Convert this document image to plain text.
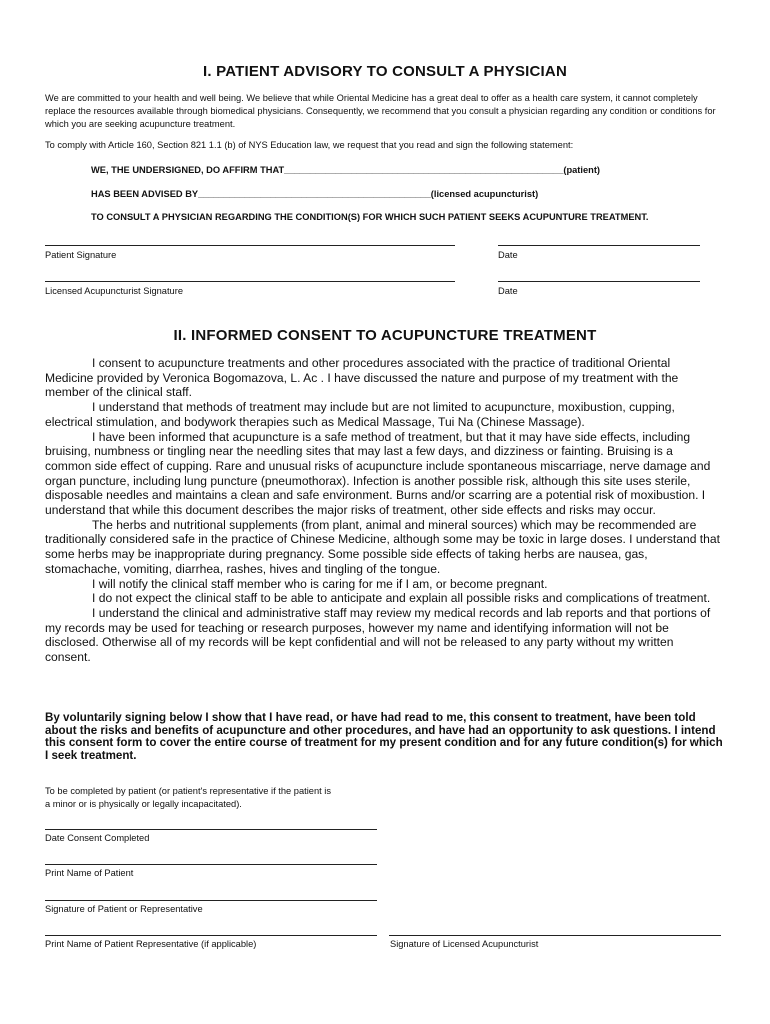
I. PATIENT ADVISORY TO CONSULT A PHYSICIAN
We are committed to your health and well being. We believe that while Oriental Medicine has a great deal to offer as a health care system, it cannot completely replace the resources available through biomedical physicians. Consequently, we recommend that you consult a physician regarding any condition or conditions for which you are seeking acupuncture treatment.
To comply with Article 160, Section 821 1.1 (b) of NYS Education law, we request that you read and sign the following statement:
WE, THE UNDERSIGNED, DO AFFIRM THAT______________________________________________________(patient)
HAS BEEN ADVISED BY_____________________________________________(licensed acupuncturist)
TO CONSULT A PHYSICIAN REGARDING THE CONDITION(S) FOR WHICH SUCH PATIENT SEEKS ACUPUNTURE TREATMENT.
Patient Signature	Date
Licensed Acupuncturist Signature	Date
II. INFORMED CONSENT TO ACUPUNCTURE TREATMENT

I consent to acupuncture treatments and other procedures associated with the practice of traditional Oriental Medicine provided by Veronica Bogomazova, L. Ac . I have discussed the nature and purpose of my treatment with the member of the clinical staff.

I understand that methods of treatment may include but are not limited to acupuncture, moxibustion, cupping, electrical stimulation, and bodywork therapies such as Medical Massage, Tui Na (Chinese Massage).

I have been informed that acupuncture is a safe method of treatment, but that it may have side effects, including bruising, numbness or tingling near the needling sites that may last a few days, and dizziness or fainting. Bruising is a common side effect of cupping. Rare and unusual risks of acupuncture include spontaneous miscarriage, nerve damage and organ puncture, including lung puncture (pneumothorax). Infection is another possible risk, although this site uses sterile, disposable needles and maintains a clean and safe environment. Burns and/or scarring are a potential risk of moxibustion. I understand that while this document describes the major risks of treatment, other side effects and risks may occur.

The herbs and nutritional supplements (from plant, animal and mineral sources) which may be recommended are traditionally considered safe in the practice of Chinese Medicine, although some may be toxic in large doses. I understand that some herbs may be inappropriate during pregnancy. Some possible side effects of taking herbs are nausea, gas, stomachache, vomiting, diarrhea, rashes, hives and tingling of the tongue.

I will notify the clinical staff member who is caring for me if I am, or become pregnant.

I do not expect the clinical staff to be able to anticipate and explain all possible risks and complications of treatment.

I understand the clinical and administrative staff may review my medical records and lab reports and that portions of my records may be used for teaching or research purposes, however my name and identifying information will not be disclosed. Otherwise all of my records will be kept confidential and will not be released to any party without my written consent.

By voluntarily signing below I show that I have read, or have had read to me, this consent to treatment, have been told about the risks and benefits of acupuncture and other procedures, and have had an opportunity to ask questions. I intend this consent form to cover the entire course of treatment for my present condition and for any future condition(s) for which I seek treatment.
To be completed by patient (or patient's representative if the patient is a minor or is physically or legally incapacitated).
Date Consent Completed
Print Name of Patient
Signature of Patient or Representative
Print Name of Patient Representative (if applicable)	Signature of Licensed Acupuncturist
